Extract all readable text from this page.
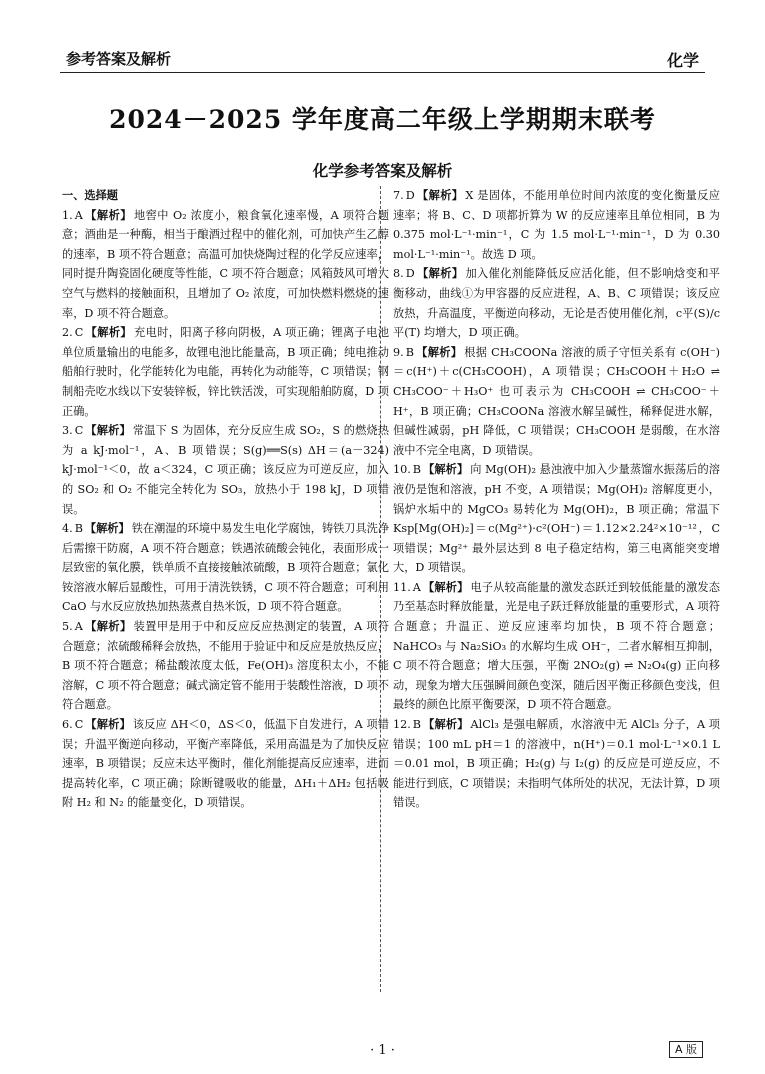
参考答案及解析	化学
2024－2025 学年度高二年级上学期期末联考
化学参考答案及解析
一、选择题

1. A 【解析】 地窖中 O₂ 浓度小，粮食氧化速率慢，A 项符合题意；酒曲是一种酶，相当于酿酒过程中的催化剂，可加快产生乙醇的速率，B 项不符合题意；高温可加快烧陶过程的化学反应速率，同时提升陶瓷固化硬度等性能，C 项不符合题意；风箱鼓风可增大空气与燃料的接触面积，且增加了 O₂ 浓度，可加快燃料燃烧的速率，D 项不符合题意。

2. C 【解析】 充电时，阳离子移向阴极，A 项正确；锂离子电池单位质量输出的电能多，故锂电池比能量高，B 项正确；纯电推动船舶行驶时，化学能转化为电能，再转化为动能等，C 项错误；钢制船壳吃水线以下安装锌板，锌比铁活泼，可实现船舶防腐，D 项正确。

3. C 【解析】 常温下 S 为固体，充分反应生成 SO₂，S 的燃烧热为 a kJ·mol⁻¹，A、B 项错误；S(g)══S(s) ΔH＝(a－324) kJ·mol⁻¹＜0，故 a＜324，C 项正确；该反应为可逆反应，加入的 SO₂ 和 O₂ 不能完全转化为 SO₃，放热小于 198 kJ，D 项错误。

4. B 【解析】 铁在潮湿的环境中易发生电化学腐蚀，铸铁刀具洗净后需擦干防腐，A 项不符合题意；铁遇浓硫酸会钝化，表面形成一层致密的氧化膜，铁单质不直接接触浓硫酸，B 项符合题意；氯化铵溶液水解后显酸性，可用于清洗铁锈，C 项不符合题意；可利用 CaO 与水反应放热加热蒸煮自热米饭，D 项不符合题意。

5. A 【解析】 装置甲是用于中和反应反应热测定的装置，A 项符合题意；浓硫酸稀释会放热，不能用于验证中和反应是放热反应，B 项不符合题意；稀盐酸浓度太低，Fe(OH)₃ 溶度积太小，不能溶解，C 项不符合题意；碱式滴定管不能用于装酸性溶液，D 项不符合题意。

6. C 【解析】 该反应 ΔH＜0，ΔS＜0，低温下自发进行，A 项错误；升温平衡逆向移动，平衡产率降低，采用高温是为了加快反应速率，B 项错误；反应未达平衡时，催化剂能提高反应速率，进而提高转化率，C 项正确；除断键吸收的能量，ΔH₁＋ΔH₂ 包括吸附 H₂ 和 N₂ 的能量变化，D 项错误。

7. D 【解析】 X 是固体，不能用单位时间内浓度的变化衡量反应速率；将 B、C、D 项都折算为 W 的反应速率且单位相同，B 为 0.375 mol·L⁻¹·min⁻¹，C 为 1.5 mol·L⁻¹·min⁻¹，D 为 0.30 mol·L⁻¹·min⁻¹。故选 D 项。

8. D 【解析】 加入催化剂能降低反应活化能，但不影响焓变和平衡移动，曲线①为甲容器的反应进程，A、B、C 项错误；该反应放热，升高温度，平衡逆向移动，无论是否使用催化剂，c平(S)/c平(T) 均增大，D 项正确。

9. B 【解析】 根据 CH₃COONa 溶液的质子守恒关系有 c(OH⁻)＝c(H⁺)＋c(CH₃COOH)，A 项错误；CH₃COOH＋H₂O ⇌ CH₃COO⁻＋H₃O⁺ 也可表示为 CH₃COOH ⇌ CH₃COO⁻＋H⁺，B 项正确；CH₃COONa 溶液水解呈碱性，稀释促进水解，但碱性减弱，pH 降低，C 项错误；CH₃COOH 是弱酸，在水溶液中不完全电离，D 项错误。

10. B 【解析】 向 Mg(OH)₂ 悬浊液中加入少量蒸馏水振荡后的溶液仍是饱和溶液，pH 不变，A 项错误；Mg(OH)₂ 溶解度更小，锅炉水垢中的 MgCO₃ 易转化为 Mg(OH)₂，B 项正确；常温下 Ksp[Mg(OH)₂]＝c(Mg²⁺)·c²(OH⁻)＝1.12×2.24²×10⁻¹²，C 项错误；Mg²⁺ 最外层达到 8 电子稳定结构，第三电离能突变增大，D 项错误。

11. A 【解析】 电子从较高能量的激发态跃迁到较低能量的激发态乃至基态时释放能量，光是电子跃迁释放能量的重要形式，A 项符合题意；升温正、逆反应速率均加快，B 项不符合题意；NaHCO₃ 与 Na₂SiO₃ 的水解均生成 OH⁻，二者水解相互抑制，C 项不符合题意；增大压强，平衡 2NO₂(g) ⇌ N₂O₄(g) 正向移动，现象为增大压强瞬间颜色变深，随后因平衡正移颜色变浅，但最终的颜色比原平衡要深，D 项不符合题意。

12. B 【解析】 AlCl₃ 是强电解质，水溶液中无 AlCl₃ 分子，A 项错误；100 mL pH＝1 的溶液中，n(H⁺)＝0.1 mol·L⁻¹×0.1 L＝0.01 mol，B 项正确；H₂(g) 与 I₂(g) 的反应是可逆反应，不能进行到底，C 项错误；未指明气体所处的状况，无法计算，D 项错误。

· 1 ·	A 版
